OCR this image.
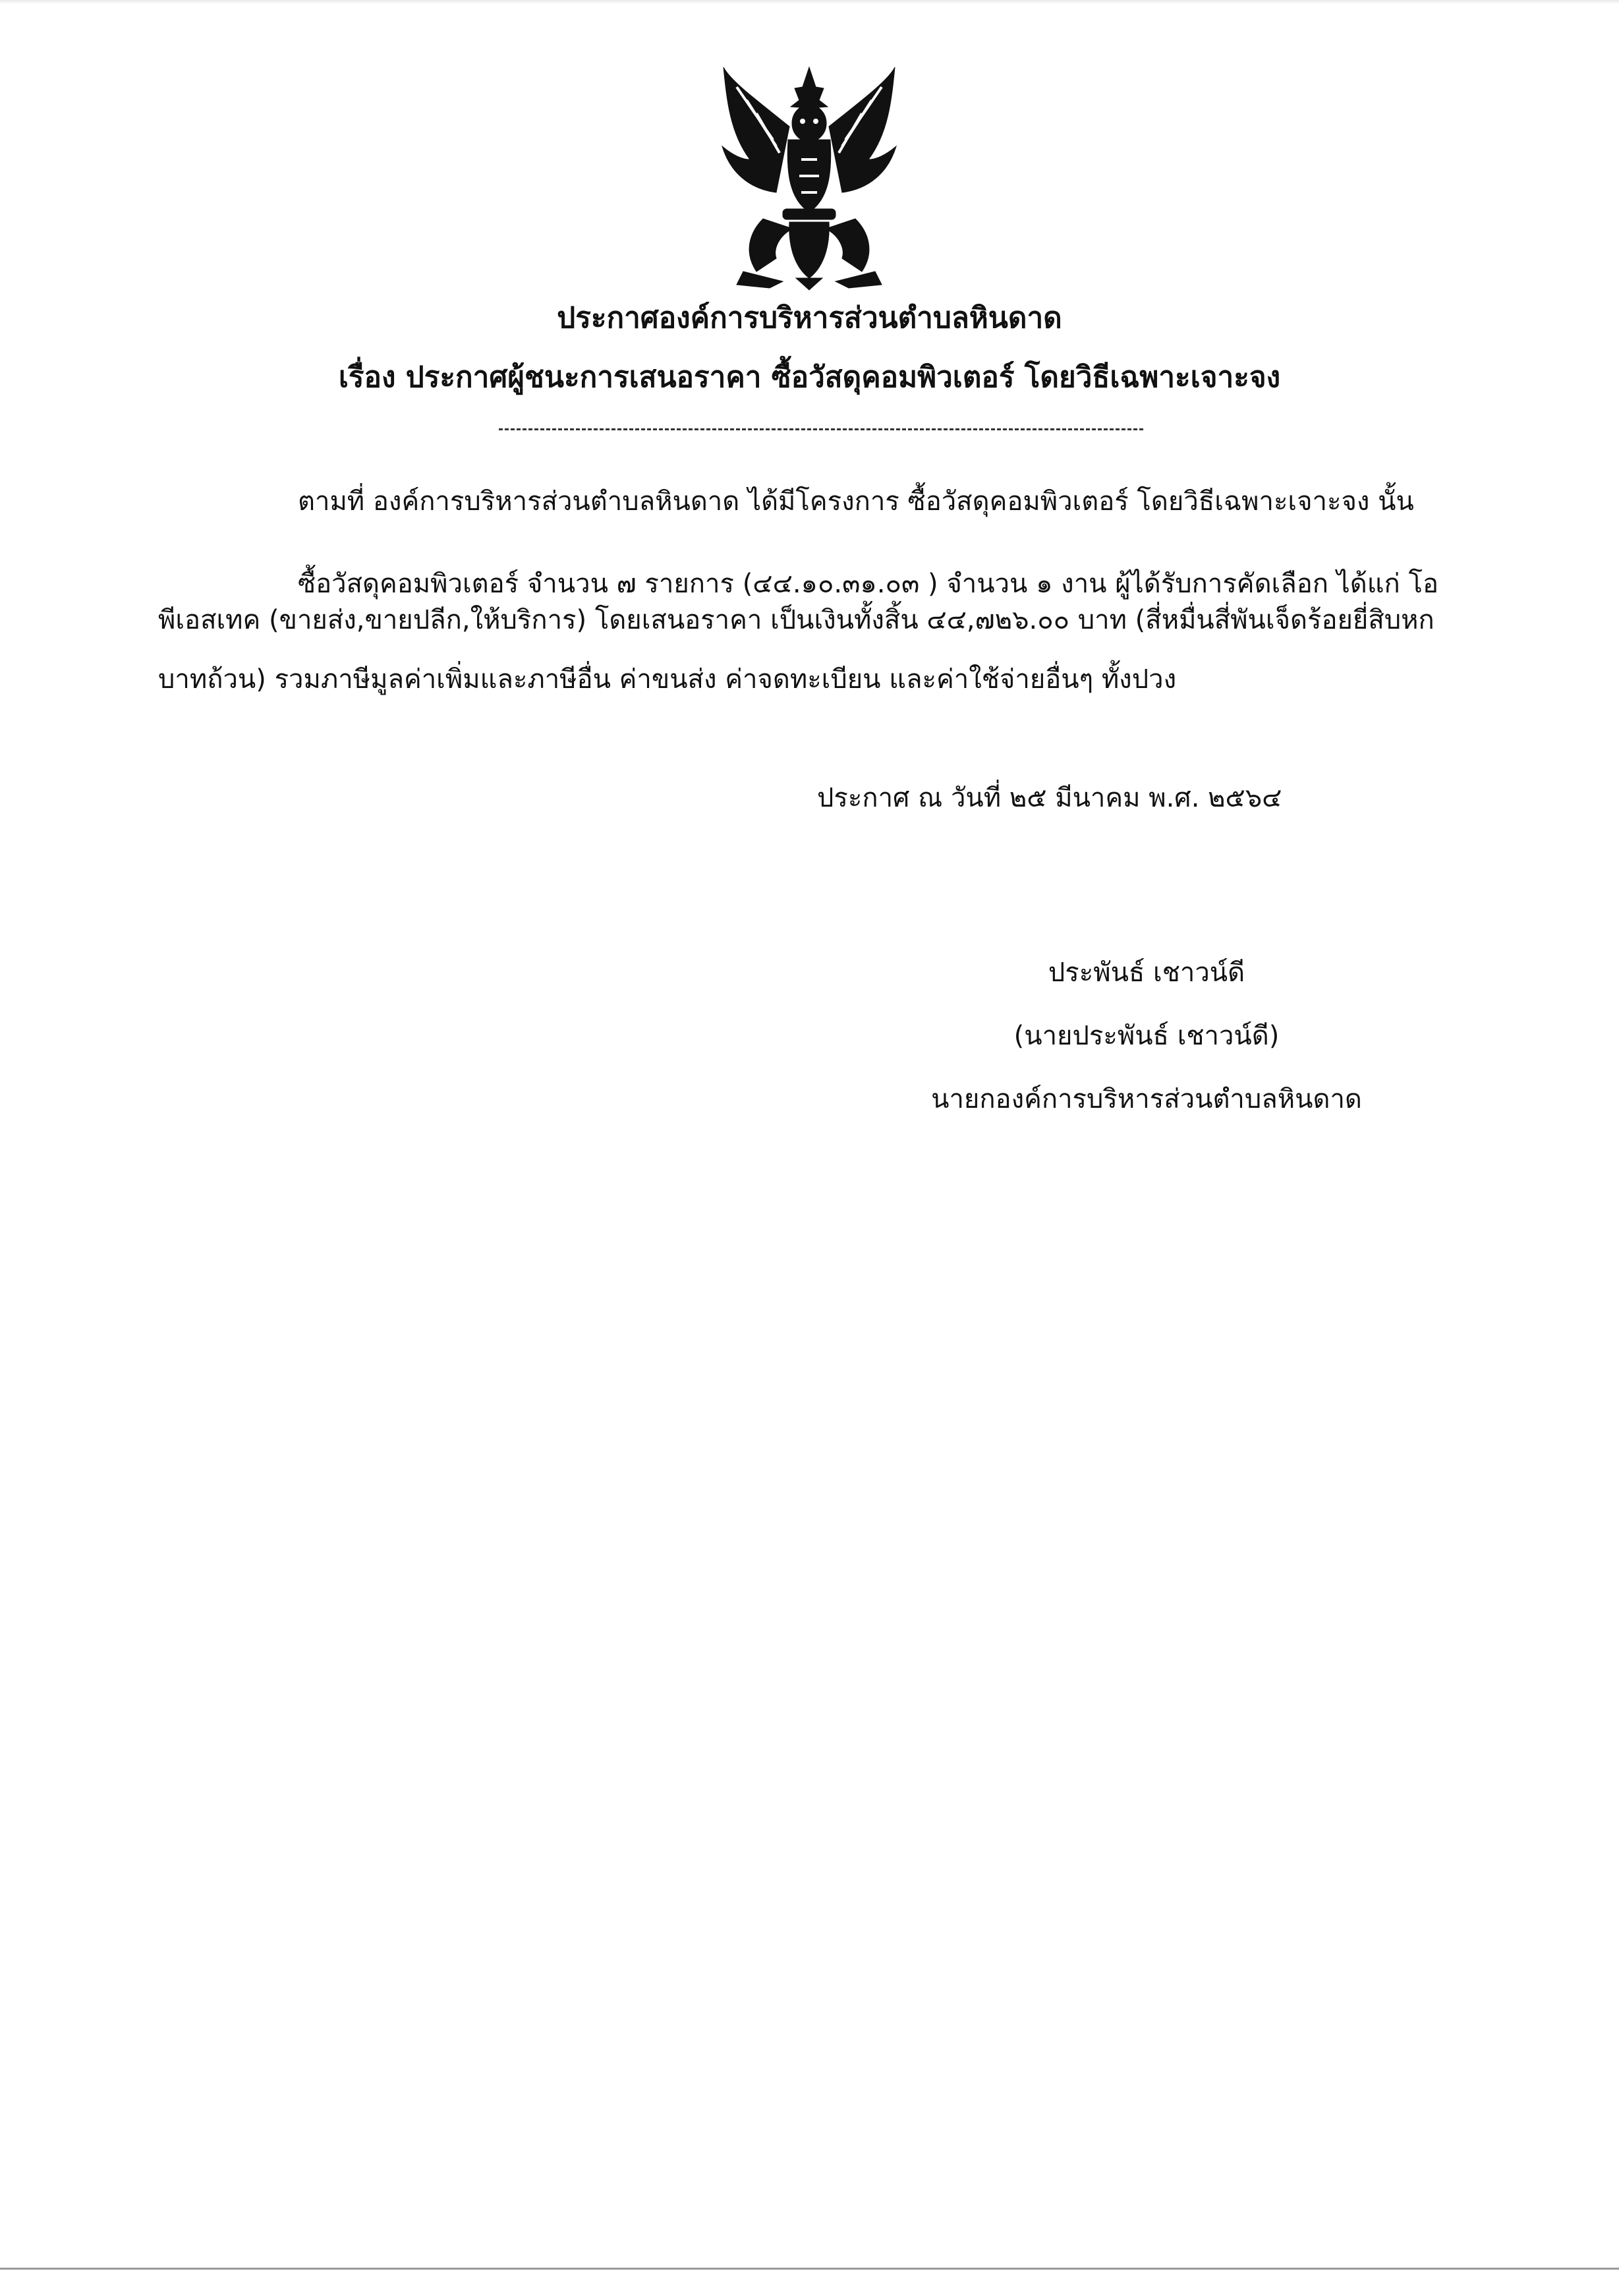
ประกาศองค์การบริหารส่วนตำบลหินดาด
เรื่อง ประกาศผู้ชนะการเสนอราคา ซื้อวัสดุคอมพิวเตอร์ โดยวิธีเฉพาะเจาะจง
ตามที่ องค์การบริหารส่วนตำบลหินดาด ได้มีโครงการ ซื้อวัสดุคอมพิวเตอร์ โดยวิธีเฉพาะเจาะจง นั้น
ซื้อวัสดุคอมพิวเตอร์ จำนวน ๗ รายการ (๔๔.๑๐.๓๑.๐๓ ) จำนวน ๑ งาน ผู้ได้รับการคัดเลือก ได้แก่ โอ
พีเอสเทค (ขายส่ง,ขายปลีก,ให้บริการ) โดยเสนอราคา เป็นเงินทั้งสิ้น ๔๔,๗๒๖.๐๐ บาท (สี่หมื่นสี่พันเจ็ดร้อยยี่สิบหก
บาทถ้วน) รวมภาษีมูลค่าเพิ่มและภาษีอื่น ค่าขนส่ง ค่าจดทะเบียน และค่าใช้จ่ายอื่นๆ ทั้งปวง
ประกาศ ณ วันที่ ๒๕ มีนาคม พ.ศ. ๒๕๖๔
ประพันธ์ เชาวน์ดี
(นายประพันธ์ เชาวน์ดี)
นายกองค์การบริหารส่วนตำบลหินดาด
